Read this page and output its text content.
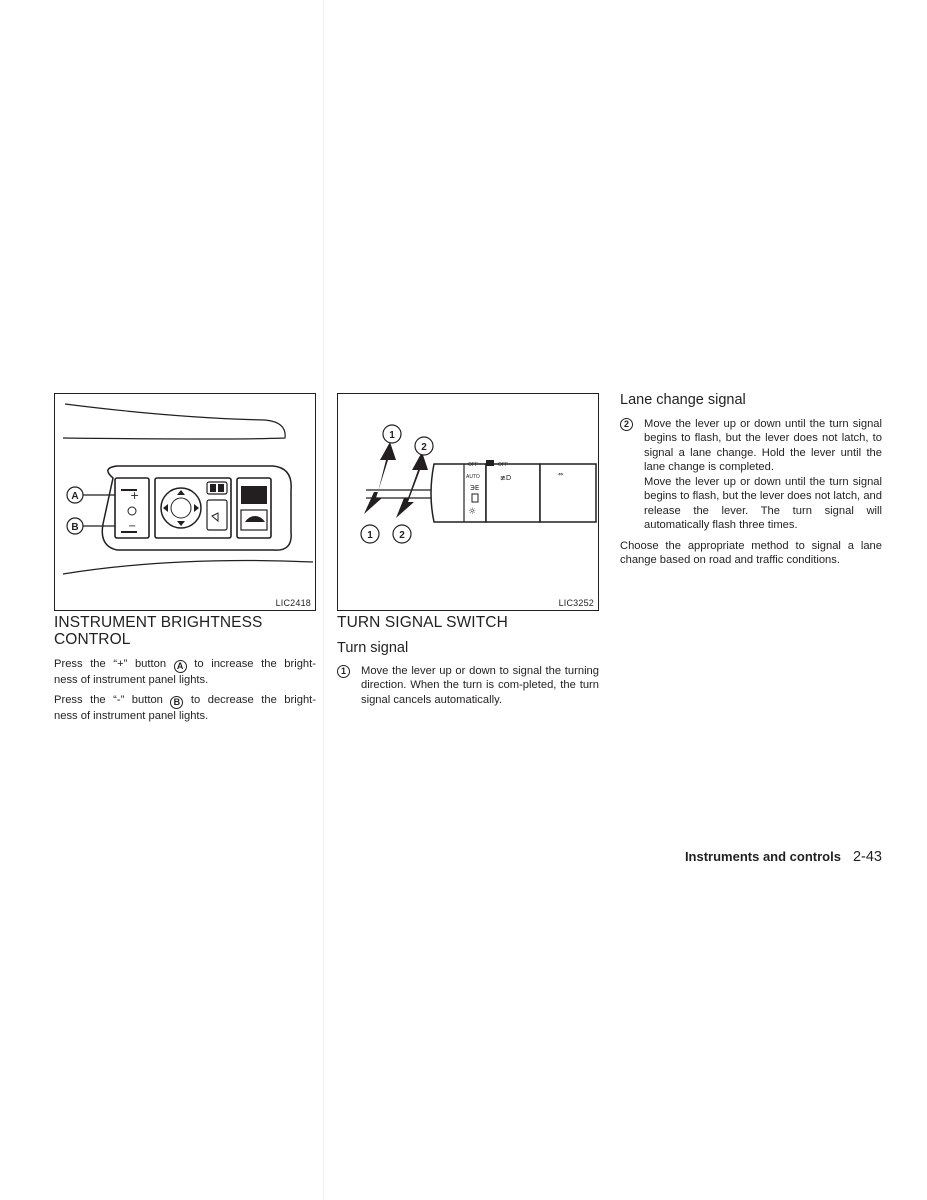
+
−
A
B
LIC2418
OFF	OFF
AUTO
ЭЕ
☼
≢D	⇔
1
2
1	2
LIC3252
INSTRUMENT BRIGHTNESS
CONTROL

Press the “+” button A to increase the bright-

ness of instrument panel lights.

Press the “-” button B to decrease the bright-

ness of instrument panel lights.

TURN SIGNAL SWITCH
Turn signal
1	Move the lever up or down to signal the turning direction. When the turn is com-pleted, the turn signal cancels automatically.
Lane change signal
2	Move the lever up or down until the turn signal begins to flash, but the lever does not latch, to signal a lane change. Hold the lever until the lane change is completed.
Move the lever up or down until the turn signal begins to flash, but the lever does not latch, and release the lever. The turn signal will automatically flash three times.

Choose the appropriate method to signal a lane change based on road and traffic conditions.

Instruments and controls 2-43
